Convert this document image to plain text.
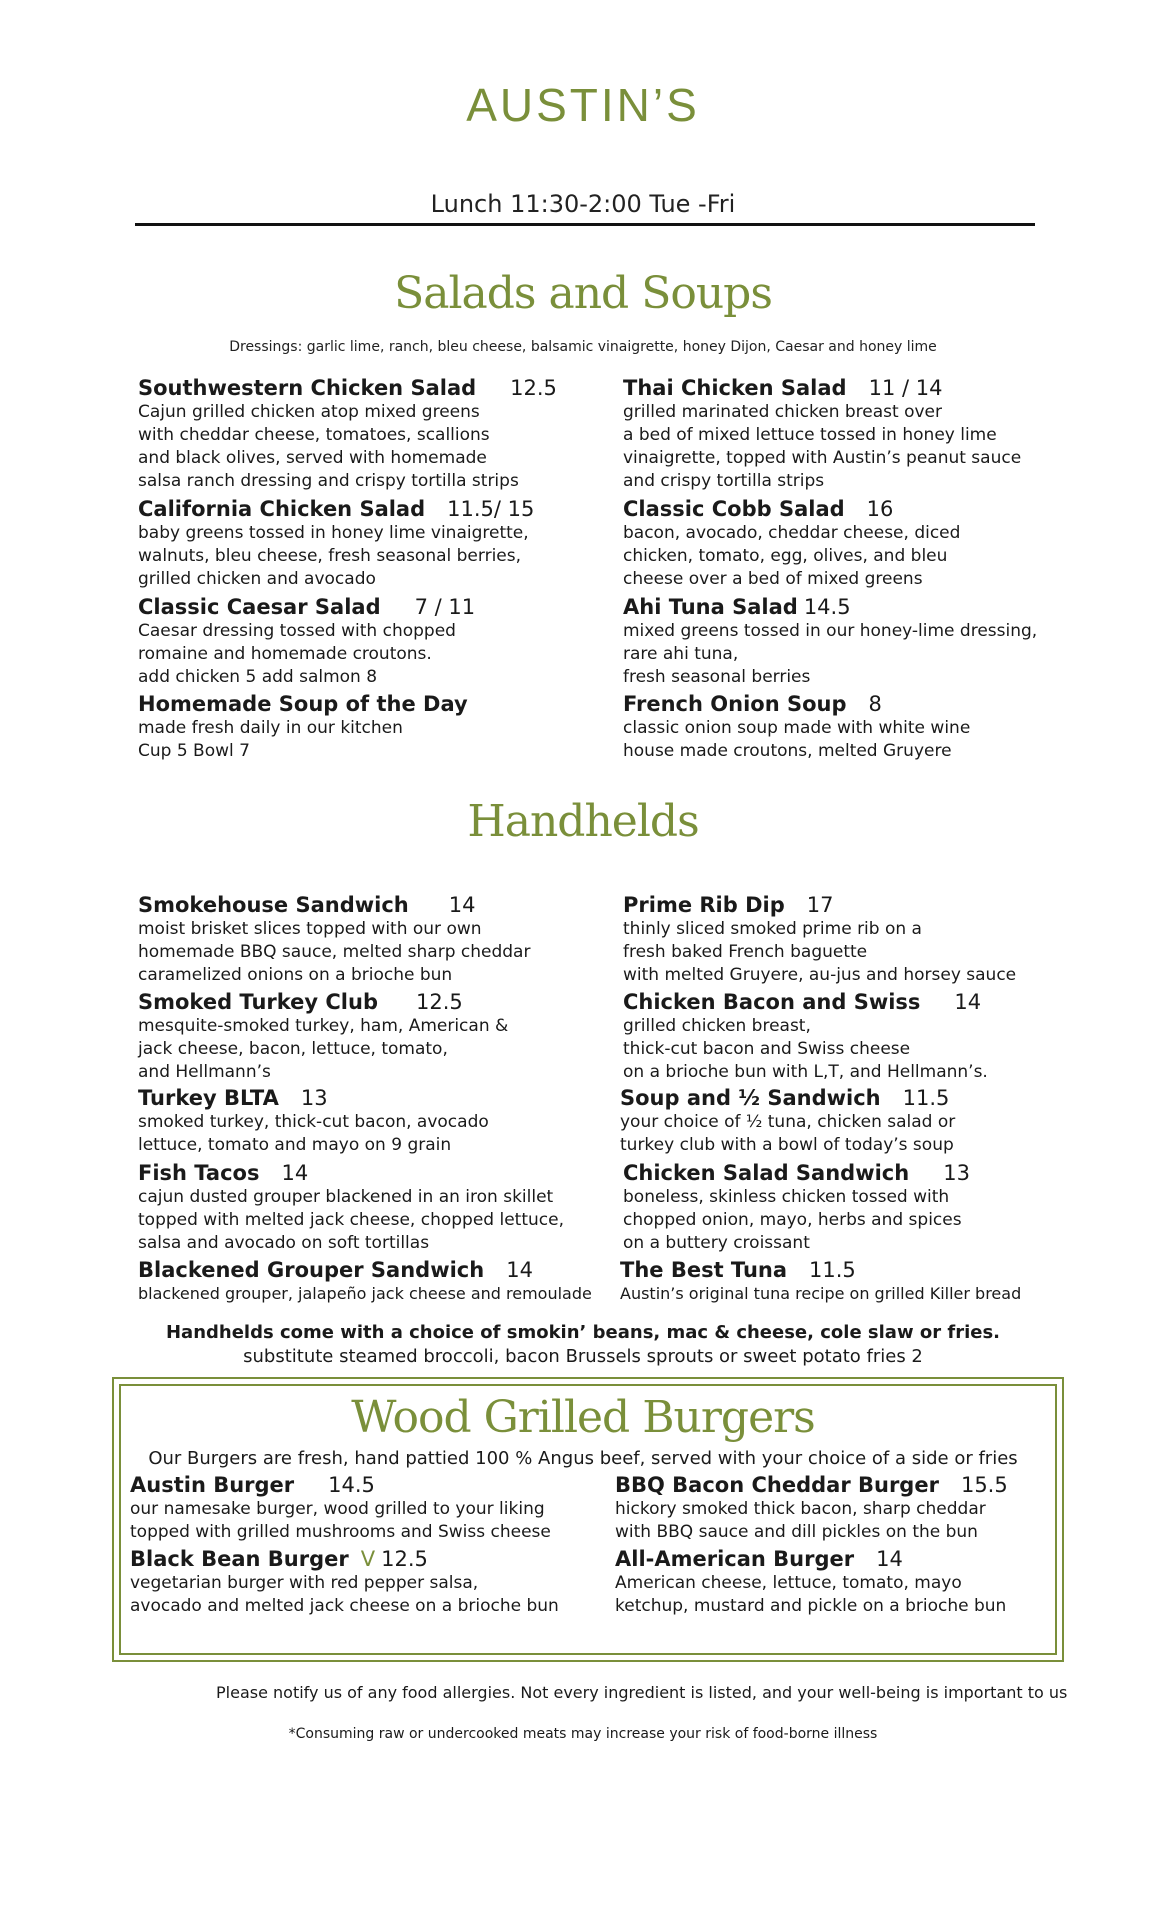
AUSTIN’S
Lunch 11:30-2:00 Tue -Fri
Salads and Soups
Dressings: garlic lime, ranch, bleu cheese, balsamic vinaigrette, honey Dijon, Caesar and honey lime
Southwestern Chicken Salad 12.5
Cajun grilled chicken atop mixed greens
with cheddar cheese, tomatoes, scallions
and black olives, served with homemade
salsa ranch dressing and crispy tortilla strips
Thai Chicken Salad 11 / 14
grilled marinated chicken breast over
a bed of mixed lettuce tossed in honey lime
vinaigrette, topped with Austin’s peanut sauce
and crispy tortilla strips
California Chicken Salad 11.5/ 15
baby greens tossed in honey lime vinaigrette,
walnuts, bleu cheese, fresh seasonal berries,
grilled chicken and avocado
Classic Cobb Salad 16
bacon, avocado, cheddar cheese, diced
chicken, tomato, egg, olives, and bleu
cheese over a bed of mixed greens
Classic Caesar Salad 7 / 11
Caesar dressing tossed with chopped
romaine and homemade croutons.
add chicken 5 add salmon 8
Ahi Tuna Salad 14.5
mixed greens tossed in our honey-lime dressing,
rare ahi tuna,
fresh seasonal berries
Homemade Soup of the Day
made fresh daily in our kitchen
Cup 5 Bowl 7
French Onion Soup 8
classic onion soup made with white wine
house made croutons, melted Gruyere
Handhelds
Smokehouse Sandwich 14
moist brisket slices topped with our own
homemade BBQ sauce, melted sharp cheddar
caramelized onions on a brioche bun
Prime Rib Dip 17
thinly sliced smoked prime rib on a
fresh baked French baguette
with melted Gruyere, au-jus and horsey sauce
Smoked Turkey Club 12.5
mesquite-smoked turkey, ham, American &
jack cheese, bacon, lettuce, tomato,
and Hellmann’s
Chicken Bacon and Swiss 14
grilled chicken breast,
thick-cut bacon and Swiss cheese
on a brioche bun with L,T, and Hellmann’s.
Turkey BLTA 13
smoked turkey, thick-cut bacon, avocado
lettuce, tomato and mayo on 9 grain
Soup and ½ Sandwich 11.5
your choice of ½ tuna, chicken salad or
turkey club with a bowl of today’s soup
Fish Tacos 14
cajun dusted grouper blackened in an iron skillet
topped with melted jack cheese, chopped lettuce,
salsa and avocado on soft tortillas
Chicken Salad Sandwich 13
boneless, skinless chicken tossed with
chopped onion, mayo, herbs and spices
on a buttery croissant
Blackened Grouper Sandwich 14
blackened grouper, jalapeño jack cheese and remoulade
The Best Tuna 11.5
Austin’s original tuna recipe on grilled Killer bread
Handhelds come with a choice of smokin’ beans, mac & cheese, cole slaw or fries.
substitute steamed broccoli, bacon Brussels sprouts or sweet potato fries 2
Wood Grilled Burgers
Our Burgers are fresh, hand pattied 100 % Angus beef, served with your choice of a side or fries
Austin Burger 14.5
our namesake burger, wood grilled to your liking
topped with grilled mushrooms and Swiss cheese
BBQ Bacon Cheddar Burger 15.5
hickory smoked thick bacon, sharp cheddar
with BBQ sauce and dill pickles on the bun
Black Bean Burger V 12.5
vegetarian burger with red pepper salsa,
avocado and melted jack cheese on a brioche bun
All-American Burger 14
American cheese, lettuce, tomato, mayo
ketchup, mustard and pickle on a brioche bun
Please notify us of any food allergies. Not every ingredient is listed, and your well-being is important to us
*Consuming raw or undercooked meats may increase your risk of food-borne illness
